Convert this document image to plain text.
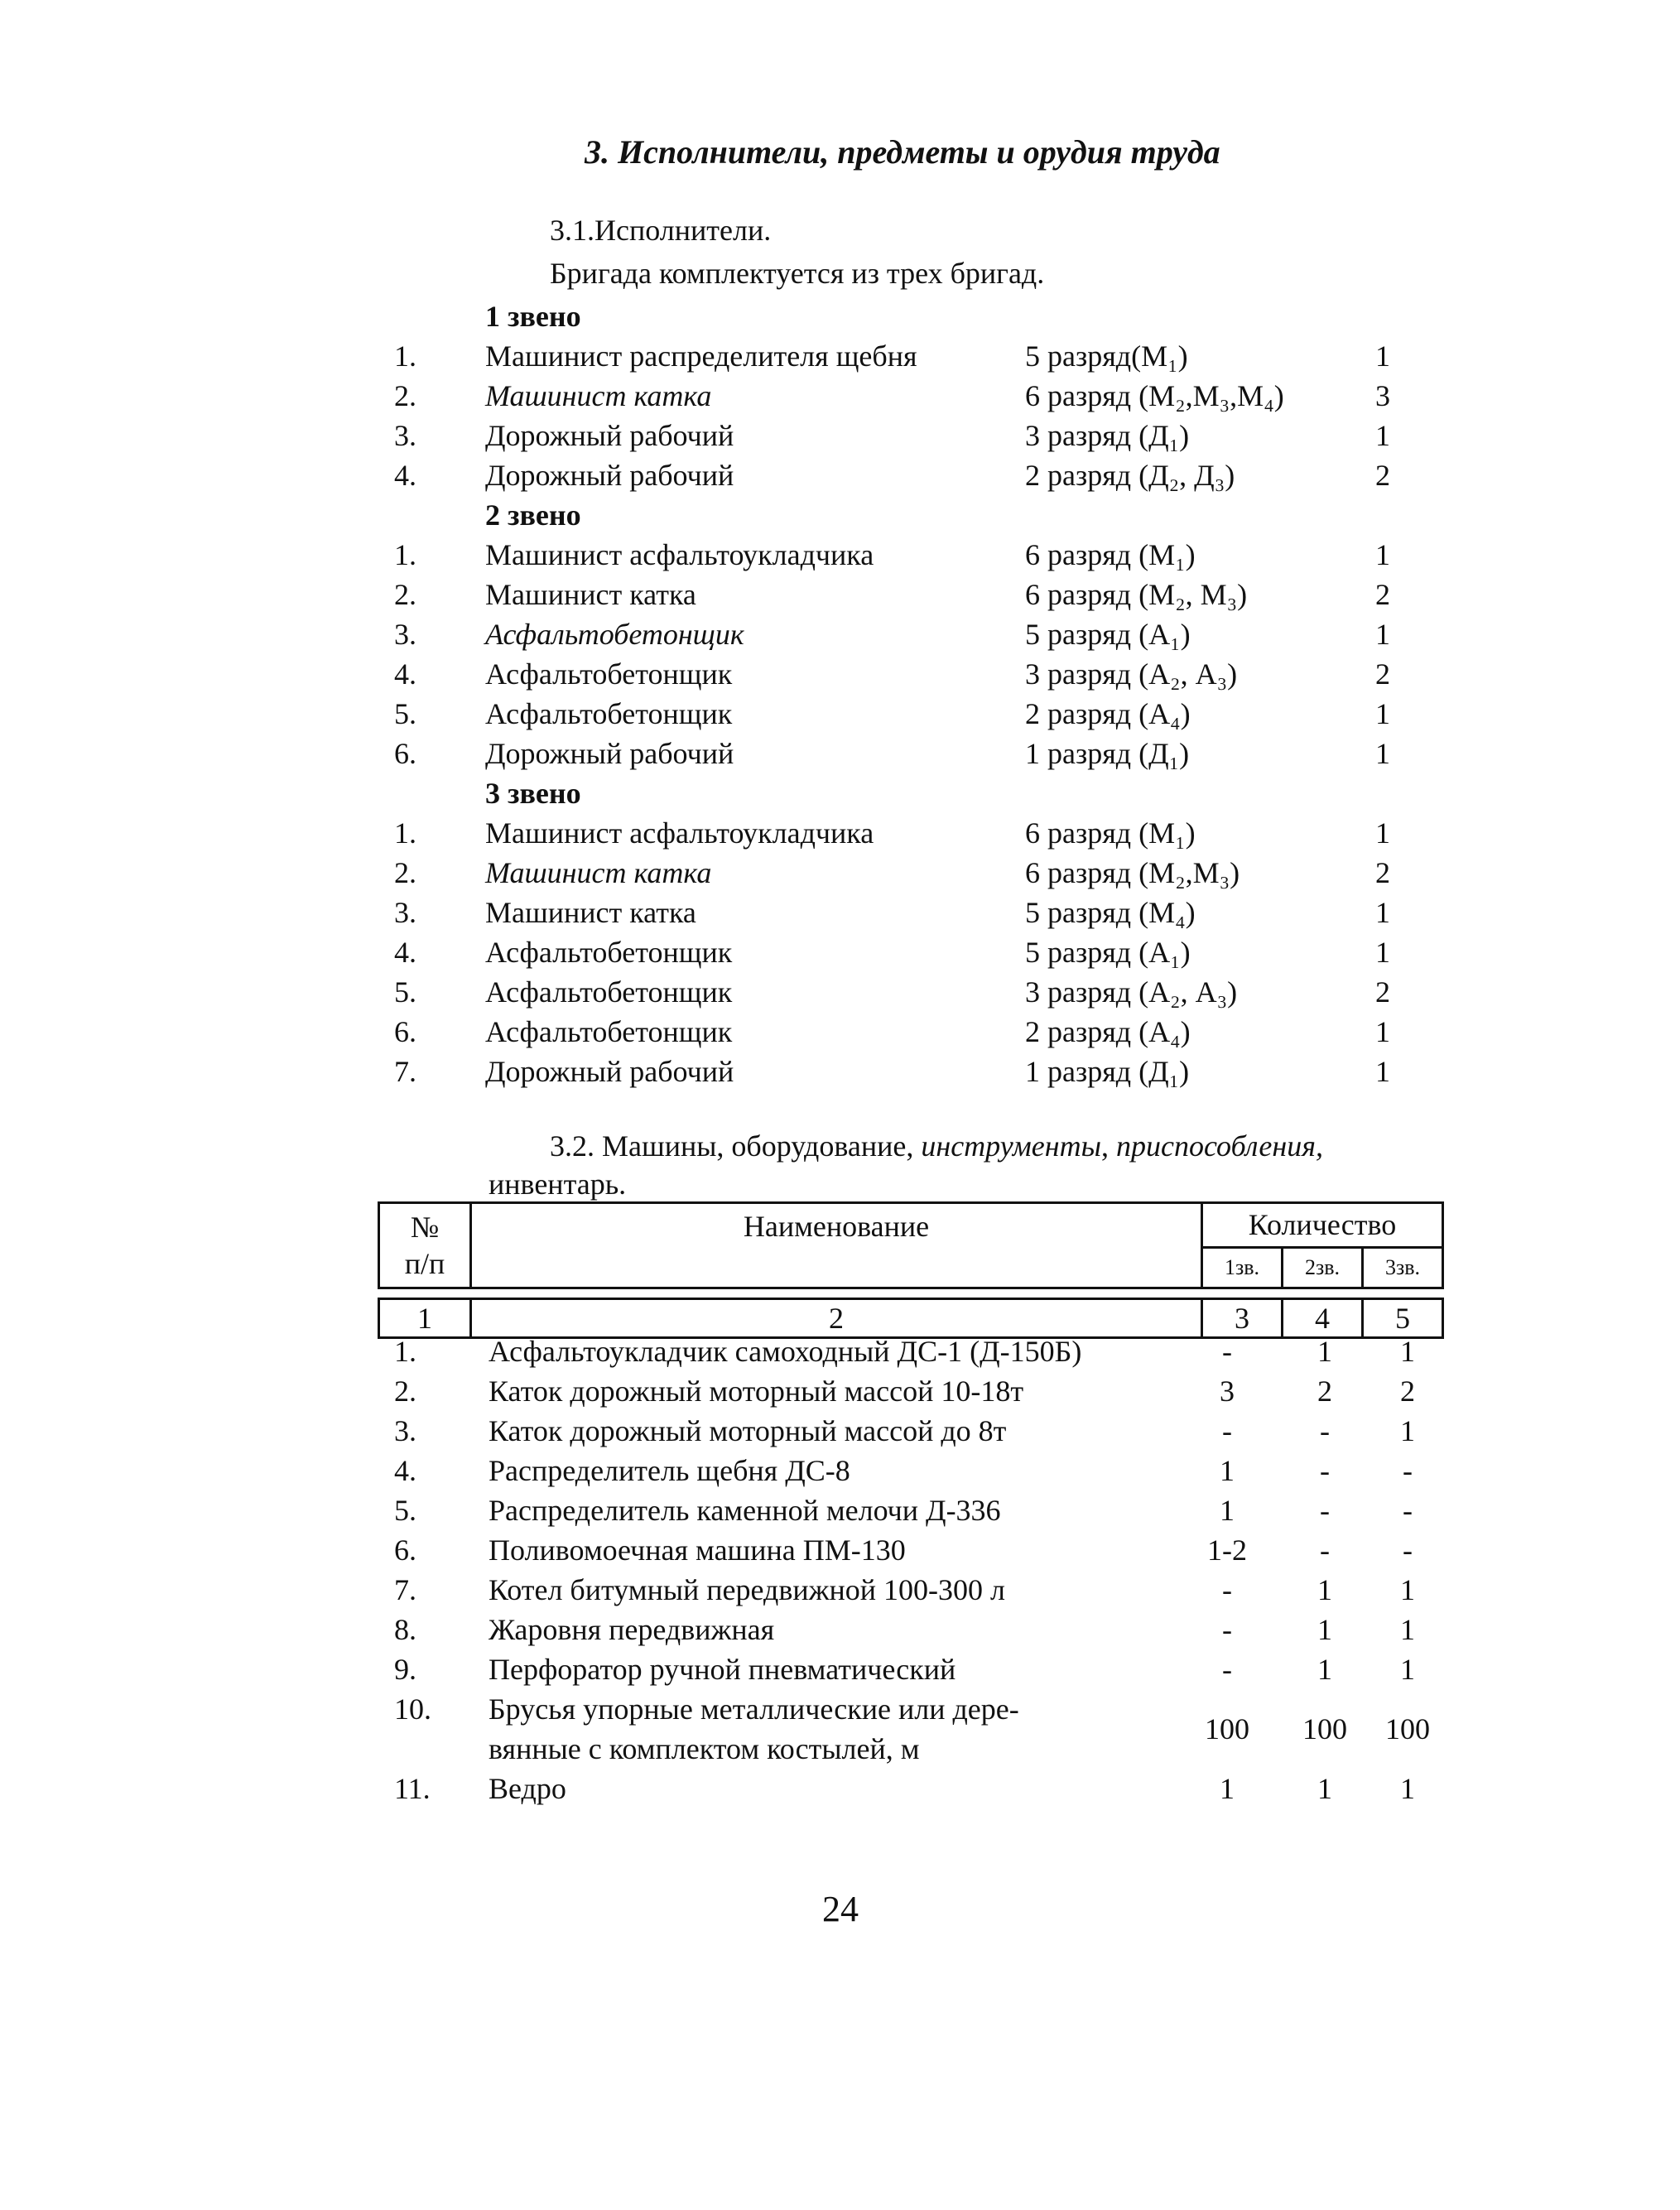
3. Исполнители, предметы и орудия труда
3.1.Исполнители.
Бригада комплектуется из трех бригад.
1 звено
1. Машинист распределителя щебня	5 разряд(М₁)	1
2. Машинист катка	6 разряд (М₂,М₃,М₄)	3
3. Дорожный рабочий	3 разряд (Д₁)	1
4. Дорожный рабочий	2 разряд (Д₂, Д₃)	2
2 звено
1. Машинист асфальтоукладчика	6 разряд (М₁)	1
2. Машинист катка	6 разряд (М₂, М₃)	2
3. Асфальтобетонщик	5 разряд (А₁)	1
4. Асфальтобетонщик	3 разряд (А₂, А₃)	2
5. Асфальтобетонщик	2 разряд (А₄)	1
6. Дорожный рабочий	1 разряд (Д₁)	1
3 звено
1. Машинист асфальтоукладчика	6 разряд (М₁)	1
2. Машинист катка	6 разряд (М₂,М₃)	2
3. Машинист катка	5 разряд (М₄)	1
4. Асфальтобетонщик	5 разряд (А₁)	1
5. Асфальтобетонщик	3 разряд (А₂, А₃)	2
6. Асфальтобетонщик	2 разряд (А₄)	1
7. Дорожный рабочий	1 разряд (Д₁)	1
3.2. Машины, оборудование, инструменты, приспособления,
инвентарь.
№
п/п	Наименование	Количество		
		1зв.	2зв.	3зв.

1	2	3	4	5
1. Асфальтоукладчик самоходный ДС-1 (Д-150Б)	-	1	1
2. Каток дорожный моторный массой 10-18т	3	2	2
3. Каток дорожный моторный массой до 8т	-	-	1
4. Распределитель щебня ДС-8	1	-	-
5. Распределитель каменной мелочи Д-336	1	-	-
6. Поливомоечная машина ПМ-130	1-2	-	-
7. Котел битумный передвижной 100-300 л	-	1	1
8. Жаровня передвижная	-	1	1
9. Перфоратор ручной пневматический	-	1	1
10. Брусья упорные металлические или дере-
вянные с комплектом костылей, м
100	100	100
11. Ведро	1	1	1
24
